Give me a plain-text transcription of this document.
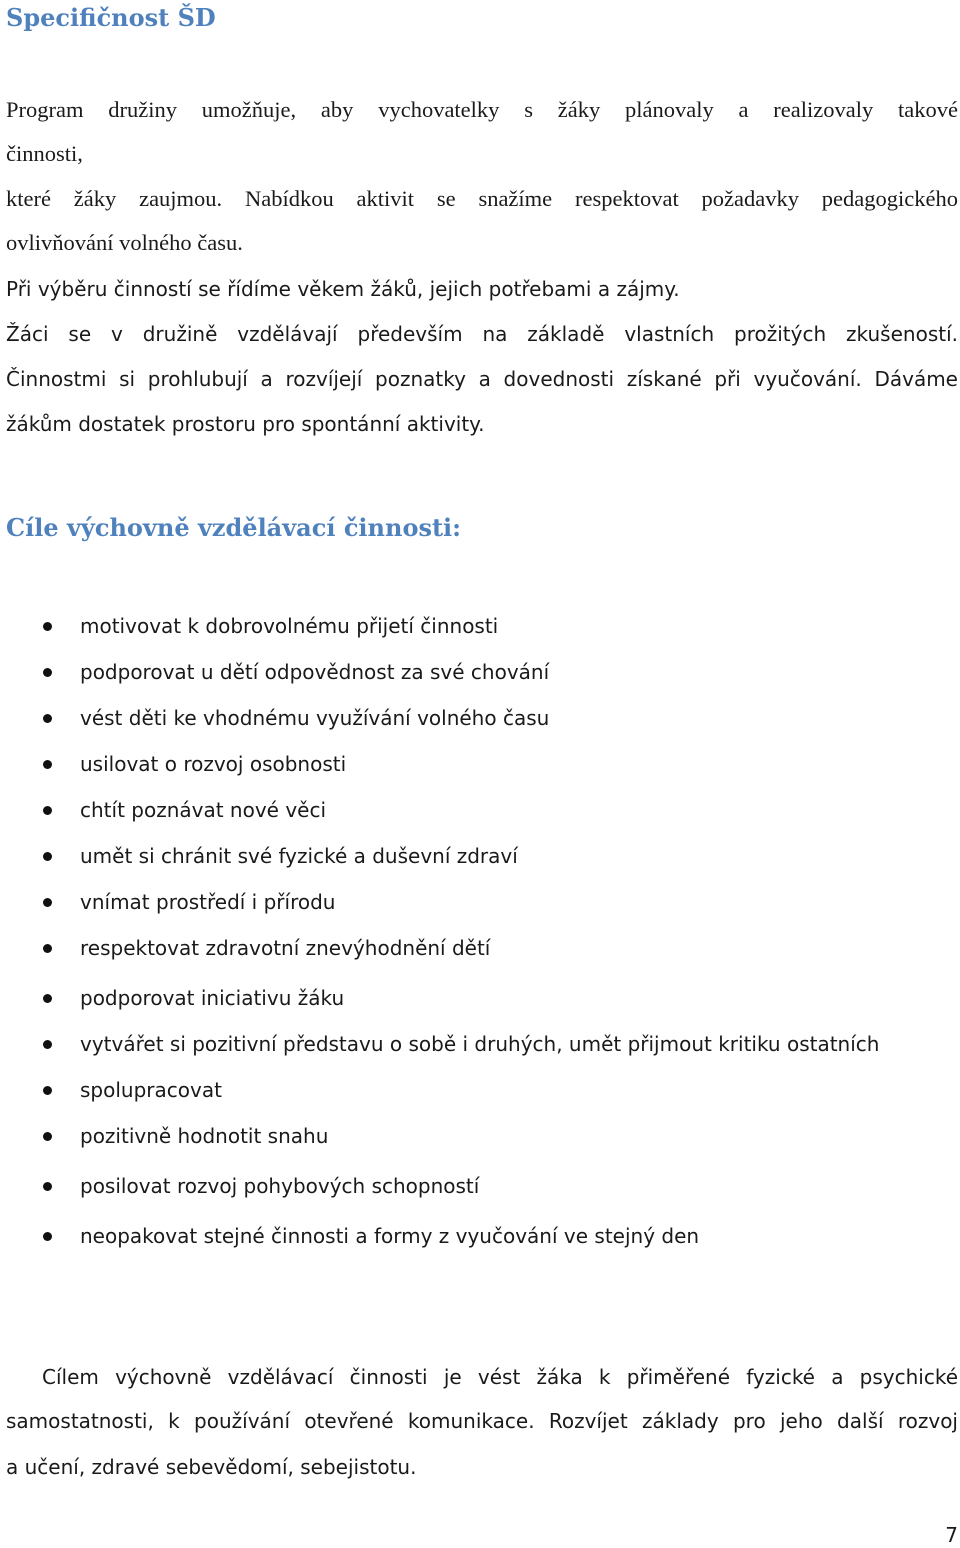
Specifičnost ŠD

Program družiny umožňuje, aby vychovatelky s žáky plánovaly a realizovaly takové

činnosti,

které žáky zaujmou. Nabídkou aktivit se snažíme respektovat požadavky pedagogického

ovlivňování volného času.

Při výběru činností se řídíme věkem žáků, jejich potřebami a zájmy.

Žáci se v družině vzdělávají především na základě vlastních prožitých zkušeností.

Činnostmi si prohlubují a rozvíjejí poznatky a dovednosti získané při vyučování. Dáváme

žákům dostatek prostoru pro spontánní aktivity.

Cíle výchovně vzdělávací činnosti:
motivovat k dobrovolnému přijetí činnosti
podporovat u dětí odpovědnost za své chování
vést děti ke vhodnému využívání volného času
usilovat o rozvoj osobnosti
chtít poznávat nové věci
umět si chránit své fyzické a duševní zdraví
vnímat prostředí i přírodu
respektovat zdravotní znevýhodnění dětí
podporovat iniciativu žáku
vytvářet si pozitivní představu o sobě i druhých, umět přijmout kritiku ostatních
spolupracovat
pozitivně hodnotit snahu
posilovat rozvoj pohybových schopností
neopakovat stejné činnosti a formy z vyučování ve stejný den

Cílem výchovně vzdělávací činnosti je vést žáka k přiměřené fyzické a psychické

samostatnosti, k používání otevřené komunikace. Rozvíjet základy pro jeho další rozvoj

a učení, zdravé sebevědomí, sebejistotu.

7
